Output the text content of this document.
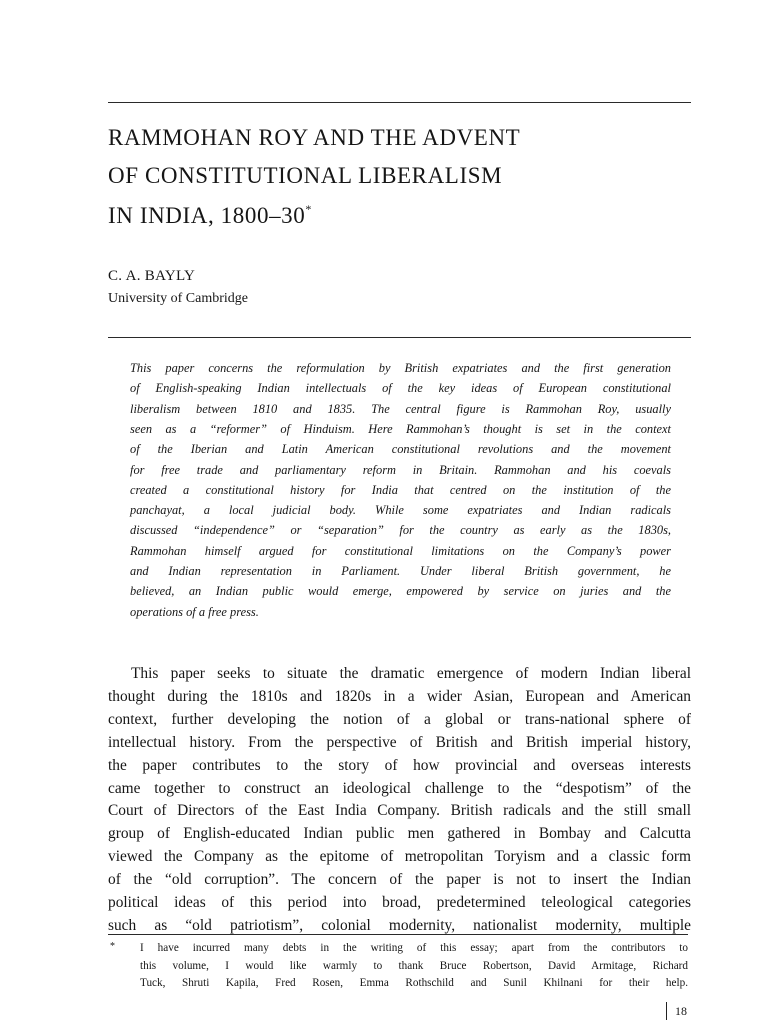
RAMMOHAN ROY AND THE ADVENT
OF CONSTITUTIONAL LIBERALISM
IN INDIA, 1800–30*
C. A. BAYLY
University of Cambridge
This paper concerns the reformulation by British expatriates and the first generation
of English-speaking Indian intellectuals of the key ideas of European constitutional
liberalism between 1810 and 1835. The central figure is Rammohan Roy, usually
seen as a “reformer” of Hinduism. Here Rammohan’s thought is set in the context
of the Iberian and Latin American constitutional revolutions and the movement
for free trade and parliamentary reform in Britain. Rammohan and his coevals
created a constitutional history for India that centred on the institution of the
panchayat, a local judicial body. While some expatriates and Indian radicals
discussed “independence” or “separation” for the country as early as the 1830s,
Rammohan himself argued for constitutional limitations on the Company’s power
and Indian representation in Parliament. Under liberal British government, he
believed, an Indian public would emerge, empowered by service on juries and the
operations of a free press.
This paper seeks to situate the dramatic emergence of modern Indian liberal
thought during the 1810s and 1820s in a wider Asian, European and American
context, further developing the notion of a global or trans-national sphere of
intellectual history. From the perspective of British and British imperial history,
the paper contributes to the story of how provincial and overseas interests
came together to construct an ideological challenge to the “despotism” of the
Court of Directors of the East India Company. British radicals and the still small
group of English-educated Indian public men gathered in Bombay and Calcutta
viewed the Company as the epitome of metropolitan Toryism and a classic form
of the “old corruption”. The concern of the paper is not to insert the Indian
political ideas of this period into broad, predetermined teleological categories
such as “old patriotism”, colonial modernity, nationalist modernity, multiple
* I have incurred many debts in the writing of this essay; apart from the contributors to
this volume, I would like warmly to thank Bruce Robertson, David Armitage, Richard
Tuck, Shruti Kapila, Fred Rosen, Emma Rothschild and Sunil Khilnani for their help.
18
